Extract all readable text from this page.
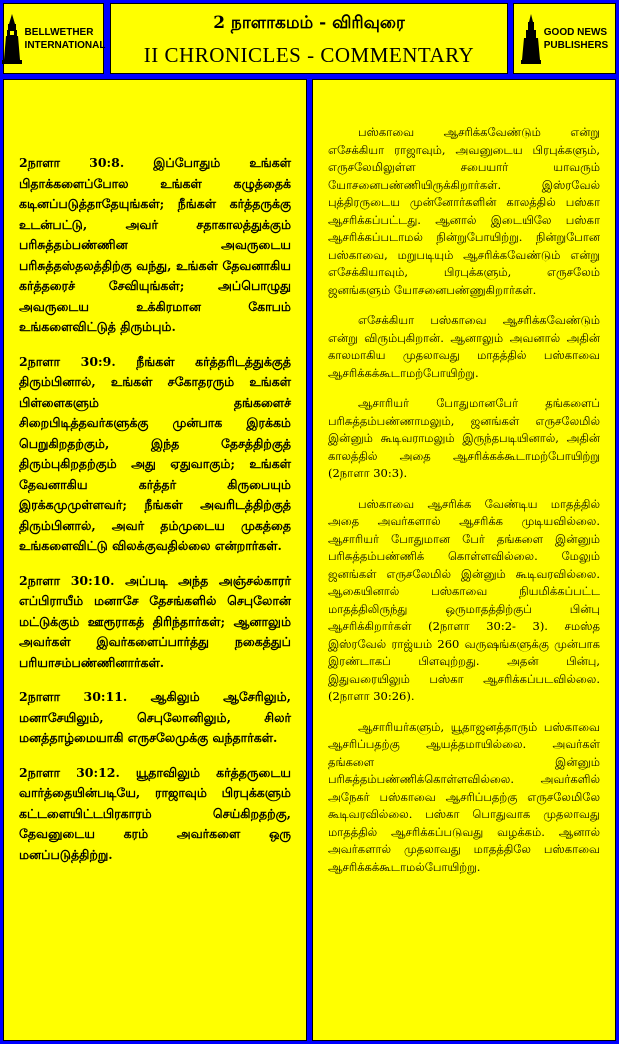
BELLWETHER
INTERNATIONAL
2 நாளாகமம் - விரிவுரை
II CHRONICLES - COMMENTARY
GOOD NEWS
PUBLISHERS

2நாளா 30:8. இப்போதும் உங்கள் பிதாக்களைப்போல உங்கள் கழுத்தைக் கடினப்படுத்தாதேயுங்கள்; நீங்கள் கர்த்தருக்கு உடன்பட்டு, அவர் சதாகாலத்துக்கும் பரிசுத்தம்பண்ணின அவருடைய பரிசுத்தஸ்தலத்திற்கு வந்து, உங்கள் தேவனாகிய கர்த்தரைச் சேவியுங்கள்; அப்பொழுது அவருடைய உக்கிரமான கோபம் உங்களைவிட்டுத் திரும்பும்.

2நாளா 30:9. நீங்கள் கர்த்தரிடத்துக்குத் திரும்பினால், உங்கள் சகோதரரும் உங்கள் பிள்ளைகளும் தங்களைச் சிறைபிடித்தவர்களுக்கு முன்பாக இரக்கம் பெறுகிறதற்கும், இந்த தேசத்திற்குத் திரும்புகிறதற்கும் அது ஏதுவாகும்; உங்கள் தேவனாகிய கர்த்தர் கிருபையும் இரக்கமுமுள்ளவர்; நீங்கள் அவரிடத்திற்குத் திரும்பினால், அவர் தம்முடைய முகத்தை உங்களைவிட்டு விலக்குவதில்லை என்றார்கள்.

2நாளா 30:10. அப்படி அந்த அஞ்சல்காரர் எப்பிராயீம் மனாசே தேசங்களில் செபுலோன் மட்டுக்கும் ஊரூராகத் திரிந்தார்கள்; ஆனாலும் அவர்கள் இவர்களைப்பார்த்து நகைத்துப் பரியாசம்பண்ணினார்கள்.

2நாளா 30:11. ஆகிலும் ஆசேரிலும், மனாசேயிலும், செபுலோனிலும், சிலர் மனத்தாழ்மையாகி எருசலேமுக்கு வந்தார்கள்.

2நாளா 30:12. யூதாவிலும் கர்த்தருடைய வார்த்தையின்படியே, ராஜாவும் பிரபுக்களும் கட்டளையிட்டபிரகாரம் செய்கிறதற்கு, தேவனுடைய கரம் அவர்களை ஒரு மனப்படுத்திற்று.

பஸ்காவை ஆசரிக்கவேண்டும் என்று எசேக்கியா ராஜாவும், அவனுடைய பிரபுக்களும், எருசலேமிலுள்ள சபையார் யாவரும் யோசனைபண்ணியிருக்கிறார்கள். இஸ்ரவேல் புத்திரருடைய முன்னோர்களின் காலத்தில் பஸ்கா ஆசரிக்கப்பட்டது. ஆனால் இடையிலே பஸ்கா ஆசரிக்கப்படாமல் நின்றுபோயிற்று. நின்றுபோன பஸ்காவை, மறுபடியும் ஆசரிக்கவேண்டும் என்று எசேக்கியாவும், பிரபுக்களும், எருசலேம் ஜனங்களும் யோசனைபண்ணுகிறார்கள்.

எசேக்கியா பஸ்காவை ஆசரிக்கவேண்டும் என்று விரும்புகிறான். ஆனாலும் அவனால் அதின் காலமாகிய முதலாவது மாதத்தில் பஸ்காவை ஆசரிக்கக்கூடாமற்போயிற்று.

ஆசாரியர் போதுமானபேர் தங்களைப் பரிசுத்தம்பண்ணாமலும், ஜனங்கள் எருசலேமில் இன்னும் கூடிவராமலும் இருந்தபடியினால், அதின் காலத்தில் அதை ஆசரிக்கக்கூடாமற்போயிற்று (2நாளா 30:3).

பஸ்காவை ஆசரிக்க வேண்டிய மாதத்தில் அதை அவர்களால் ஆசரிக்க முடியவில்லை. ஆசாரியர் போதுமான பேர் தங்களை இன்னும் பரிசுத்தம்பண்ணிக் கொள்ளவில்லை. மேலும் ஜனங்கள் எருசலேமில் இன்னும் கூடிவரவில்லை. ஆகையினால் பஸ்காவை நியமிக்கப்பட்ட மாதத்திலிருந்து ஒருமாதத்திற்குப் பின்பு ஆசரிக்கிறார்கள் (2நாளா 30:2- 3). சமஸ்த இஸ்ரவேல் ராஜ்யம் 260 வருஷங்களுக்கு முன்பாக இரண்டாகப் பிளவுற்றது. அதன் பின்பு, இதுவரையிலும் பஸ்கா ஆசரிக்கப்படவில்லை. (2நாளா 30:26).

ஆசாரியர்களும், யூதாஜனத்தாரும் பஸ்காவை ஆசரிப்பதற்கு ஆயத்தமாயில்லை. அவர்கள் தங்களை இன்னும் பரிசுத்தம்பண்ணிக்கொள்ளவில்லை. அவர்களில் அநேகர் பஸ்காவை ஆசரிப்பதற்கு எருசலேமிலே கூடிவரவில்லை. பஸ்கா பொதுவாக முதலாவது மாதத்தில் ஆசரிக்கப்படுவது வழக்கம். ஆனால் அவர்களால் முதலாவது மாதத்திலே பஸ்காவை ஆசரிக்கக்கூடாமல்போயிற்று.
